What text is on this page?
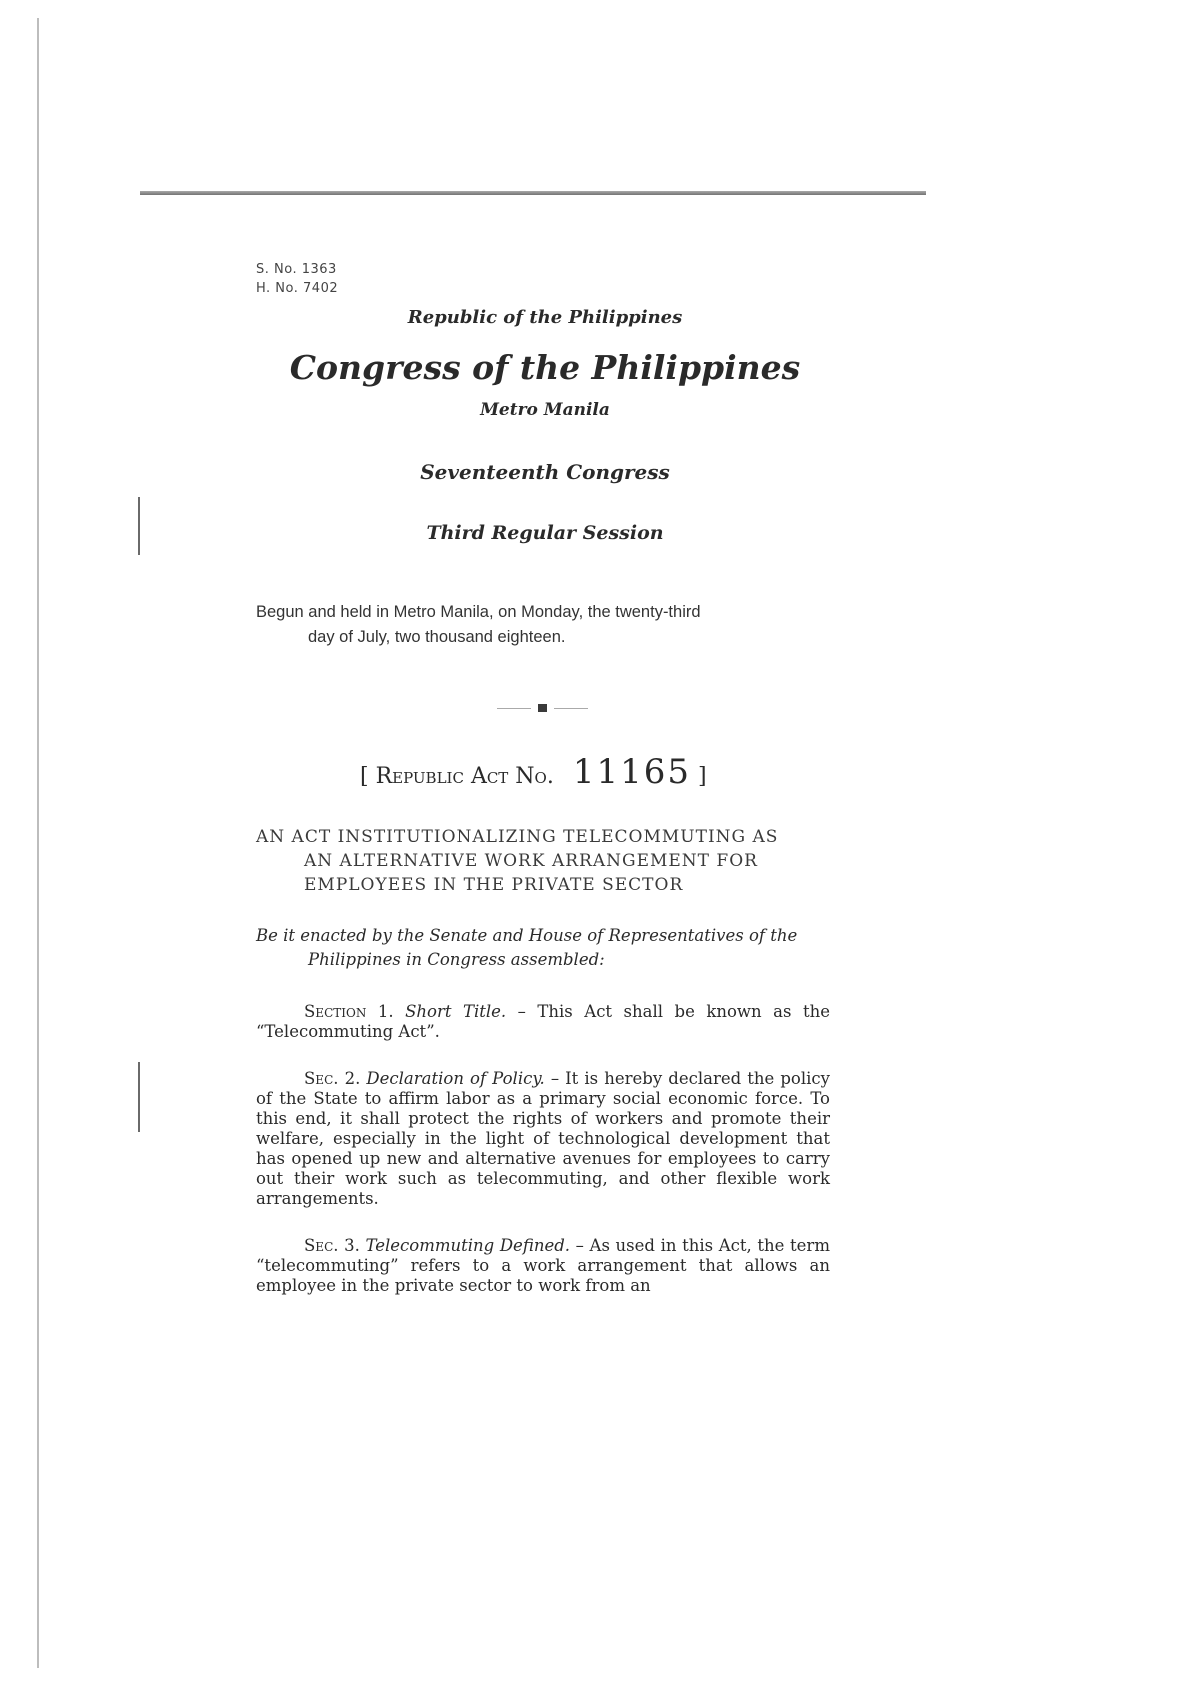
S. No. 1363
H. No. 7402
Republic of the Philippines
Congress of the Philippines
Metro Manila
Seventeenth Congress
Third Regular Session
Begun and held in Metro Manila, on Monday, the twenty-third
day of July, two thousand eighteen.
[ Republic Act No. 11165 ]
AN ACT INSTITUTIONALIZING TELECOMMUTING AS
AN ALTERNATIVE WORK ARRANGEMENT FOR
EMPLOYEES IN THE PRIVATE SECTOR
Be it enacted by the Senate and House of Representatives of the
Philippines in Congress assembled:
Section 1. Short Title. – This Act shall be known as the “Telecommuting Act”.
Sec. 2. Declaration of Policy. – It is hereby declared the policy of the State to affirm labor as a primary social economic force. To this end, it shall protect the rights of workers and promote their welfare, especially in the light of technological development that has opened up new and alternative avenues for employees to carry out their work such as telecommuting, and other flexible work arrangements.
Sec. 3. Telecommuting Defined. – As used in this Act, the term “telecommuting” refers to a work arrangement that allows an employee in the private sector to work from an
